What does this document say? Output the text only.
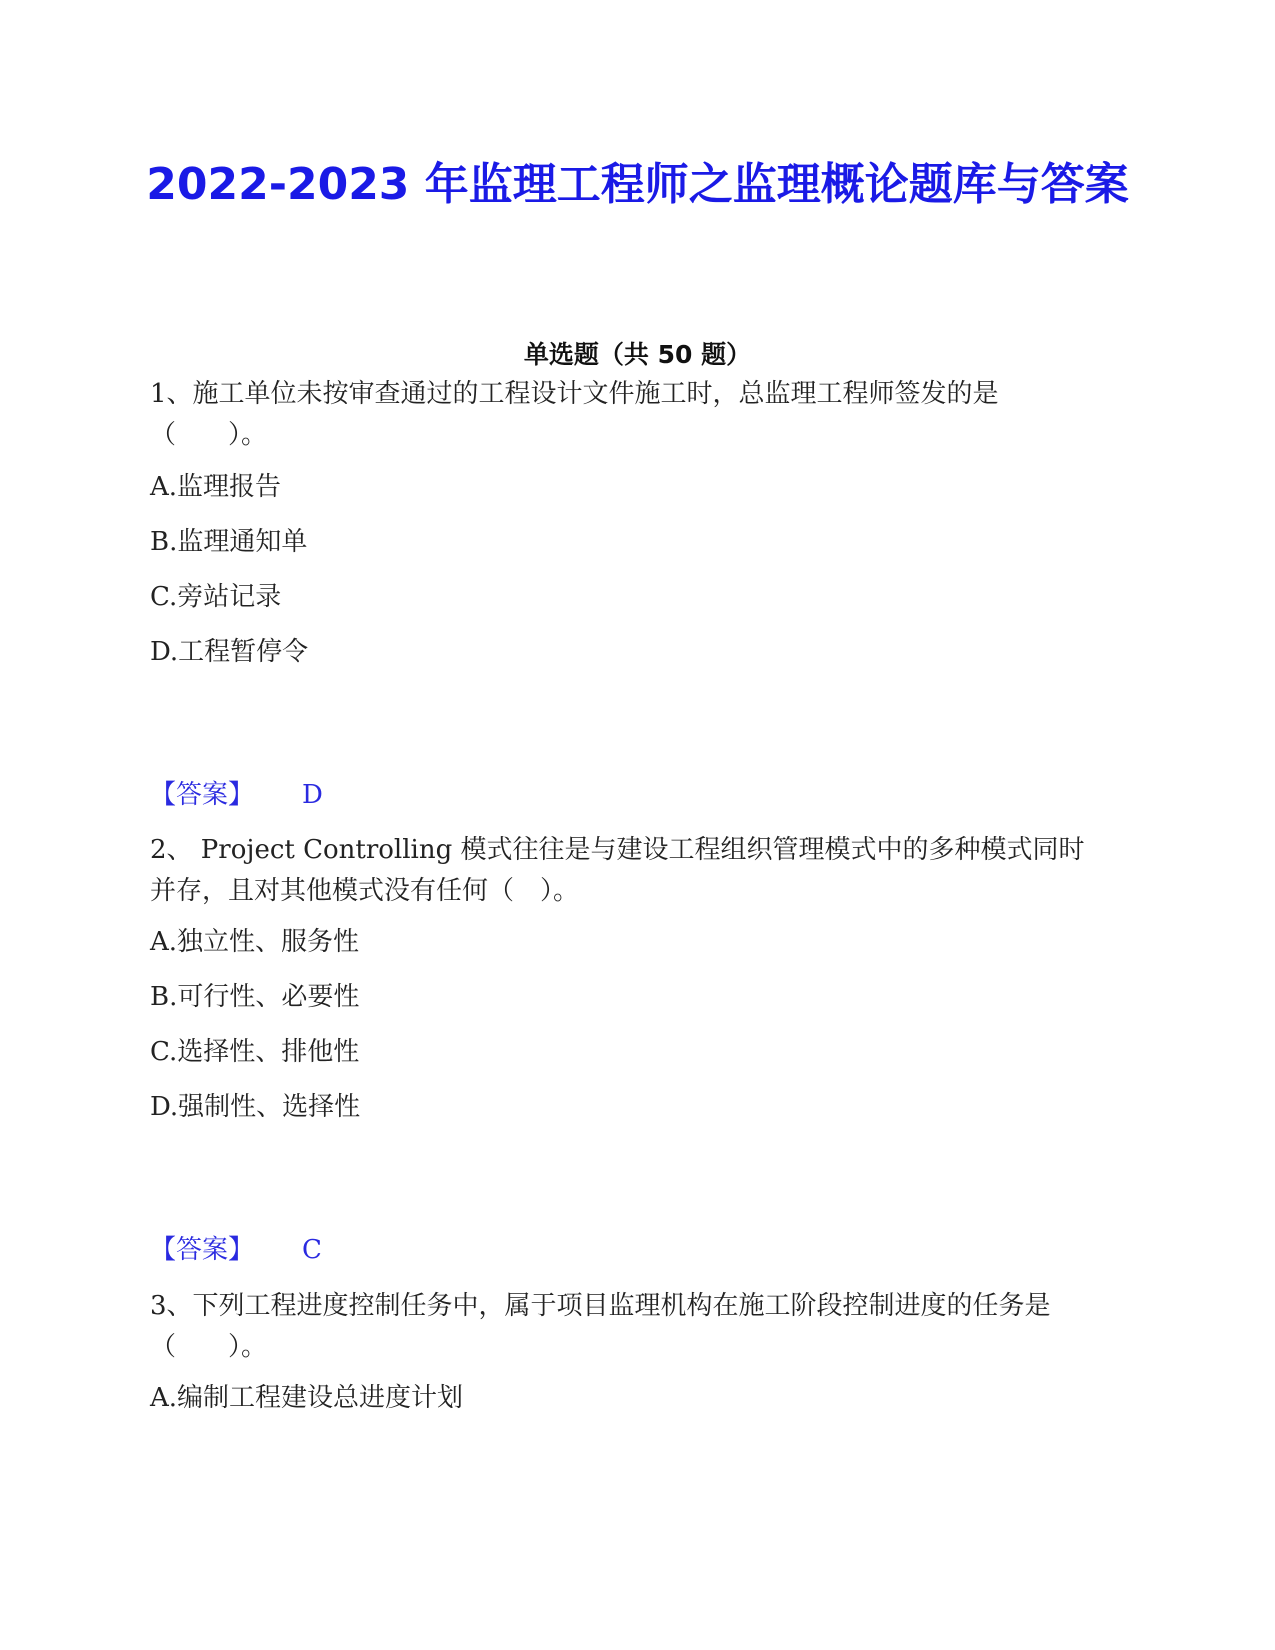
2022-2023 年监理工程师之监理概论题库与答案
单选题（共 50 题）
1、施工单位未按审查通过的工程设计文件施工时，总监理工程师签发的是（　　）。
A.监理报告
B.监理通知单
C.旁站记录
D.工程暂停令
【答案】 D
2、 Project Controlling 模式往往是与建设工程组织管理模式中的多种模式同时并存，且对其他模式没有任何（　）。
A.独立性、服务性
B.可行性、必要性
C.选择性、排他性
D.强制性、选择性
【答案】 C
3、下列工程进度控制任务中，属于项目监理机构在施工阶段控制进度的任务是（　　）。
A.编制工程建设总进度计划
